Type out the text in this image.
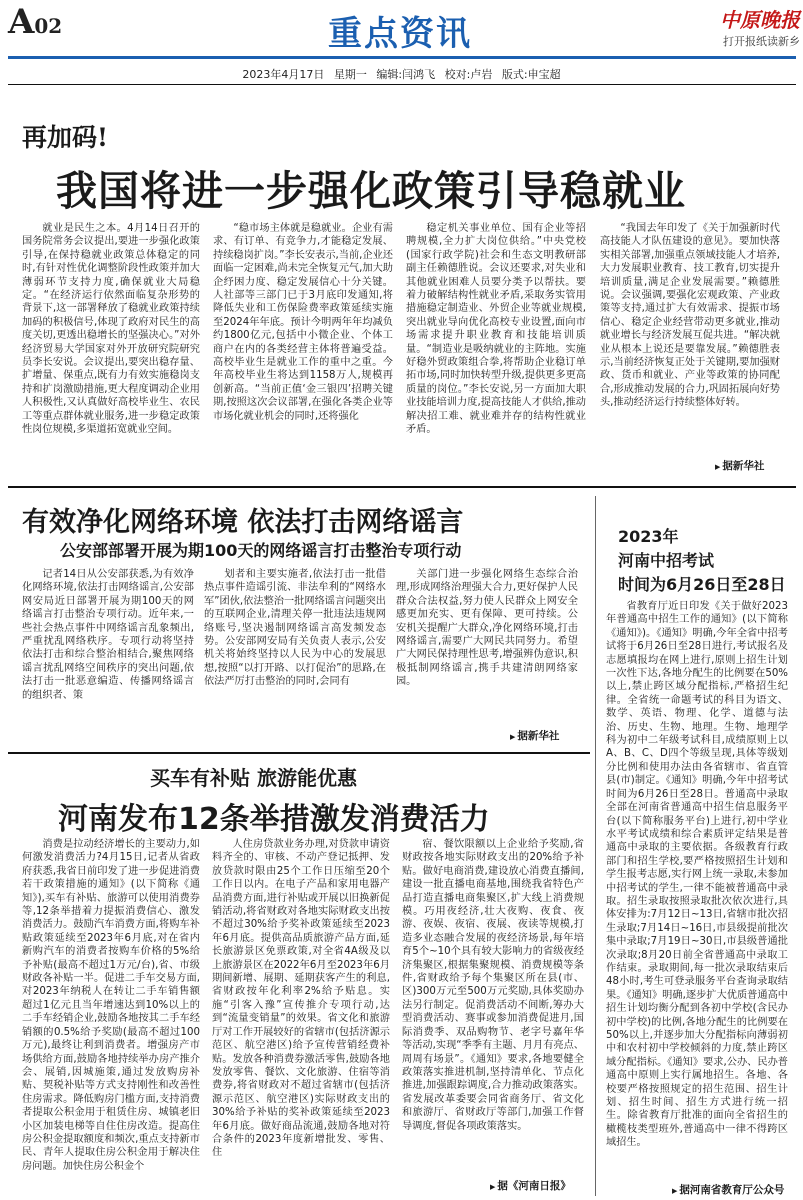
A02	重点资讯	中原晚报
打开报纸读新乡
2023年4月17日 星期一 编辑:闫鸿飞 校对:卢岩 版式:申宝超
再加码!
我国将进一步强化政策引导稳就业

就业是民生之本。4月14日召开的国务院常务会议提出,要进一步强化政策引导,在保持稳就业政策总体稳定的同时,有针对性优化调整阶段性政策并加大薄弱环节支持力度,确保就业大局稳定。“在经济运行依然面临复杂形势的背景下,这一部署释放了稳就业政策持续加码的积极信号,体现了政府对民生的高度关切,更透出稳增长的坚强决心。”对外经济贸易大学国家对外开放研究院研究员李长安说。会议提出,要突出稳存量、扩增量、保重点,既有力有效实施稳岗支持和扩岗激励措施,更大程度调动企业用人积极性,又认真做好高校毕业生、农民工等重点群体就业服务,进一步稳定政策性岗位规模,多渠道拓宽就业空间。

“稳市场主体就是稳就业。企业有需求、有订单、有竞争力,才能稳定发展、持续稳岗扩岗。”李长安表示,当前,企业还面临一定困难,尚未完全恢复元气,加大助企纾困力度、稳定发展信心十分关键。人社部等三部门已于3月底印发通知,将降低失业和工伤保险费率政策延续实施至2024年年底。预计今明两年年均减负约1800亿元,包括中小微企业、个体工商户在内的各类经营主体将普遍受益。高校毕业生是就业工作的重中之重。今年高校毕业生将达到1158万人,规模再创新高。“当前正值‘金三银四’招聘关键期,按照这次会议部署,在强化各类企业等市场化就业机会的同时,还将强化

稳定机关事业单位、国有企业等招聘规模,全力扩大岗位供给。”中央党校(国家行政学院)社会和生态文明教研部副主任赖德胜说。会议还要求,对失业和其他就业困难人员要分类予以帮扶。要着力破解结构性就业矛盾,采取务实管用措施稳定制造业、外贸企业等就业规模,突出就业导向优化高校专业设置,面向市场需求提升职业教育和技能培训质量。“制造业是吸纳就业的主阵地。实施好稳外贸政策组合拳,将帮助企业稳订单拓市场,同时加快转型升级,提供更多更高质量的岗位。”李长安说,另一方面加大职业技能培训力度,提高技能人才供给,推动解决招工难、就业难并存的结构性就业矛盾。

“我国去年印发了《关于加强新时代高技能人才队伍建设的意见》。要加快落实相关部署,加强重点领域技能人才培养,大力发展职业教育、技工教育,切实提升培训质量,满足企业发展需要。”赖德胜说。会议强调,要强化宏观政策、产业政策等支持,通过扩大有效需求、提振市场信心、稳定企业经营带动更多就业,推动就业增长与经济发展互促共进。“解决就业从根本上说还是要靠发展。”赖德胜表示,当前经济恢复正处于关键期,要加强财政、货币和就业、产业等政策的协同配合,形成推动发展的合力,巩固拓展向好势头,推动经济运行持续整体好转。

▶ 据新华社
有效净化网络环境 依法打击网络谣言
公安部部署开展为期100天的网络谣言打击整治专项行动

记者14日从公安部获悉,为有效净化网络环境,依法打击网络谣言,公安部网安局近日部署开展为期100天的网络谣言打击整治专项行动。近年来,一些社会热点事件中网络谣言乱象频出,严重扰乱网络秩序。专项行动将坚持依法打击和综合整治相结合,聚焦网络谣言扰乱网络空间秩序的突出问题,依法打击一批恶意编造、传播网络谣言的组织者、策

划者和主要实施者,依法打击一批借热点事件造谣引流、非法牟利的“网络水军”团伙,依法整治一批网络谣言问题突出的互联网企业,清理关停一批违法违规网络账号,坚决遏制网络谣言高发频发态势。公安部网安局有关负责人表示,公安机关将始终坚持以人民为中心的发展思想,按照“以打开路、以打促治”的思路,在依法严厉打击整治的同时,会同有

关部门进一步强化网络生态综合治理,形成网络治理强大合力,更好保护人民群众合法权益,努力使人民群众上网安全感更加充实、更有保障、更可持续。公安机关提醒广大群众,净化网络环境,打击网络谣言,需要广大网民共同努力。希望广大网民保持理性思考,增强辨伪意识,积极抵制网络谣言,携手共建清朗网络家园。

▶ 据新华社
买车有补贴 旅游能优惠
河南发布12条举措激发消费活力

消费是拉动经济增长的主要动力,如何激发消费活力?4月15日,记者从省政府获悉,我省日前印发了进一步促进消费若干政策措施的通知》(以下简称《通知》),买车有补贴、旅游可以使用消费券等,12条举措着力提振消费信心、激发消费活力。鼓励汽车消费方面,将购车补贴政策延续至2023年6月底,对在省内新购汽车的消费者按购车价格的5%给予补贴(最高不超过1万元/台),省、市级财政各补贴一半。促进二手车交易方面,对2023年纳税人在转让二手车销售额超过1亿元且当年增速达到10%以上的二手车经销企业,鼓励各地按其二手车经销额的0.5%给予奖励(最高不超过100万元),最终让利到消费者。增强房产市场供给方面,鼓励各地持续举办房产推介会、展销,因城施策,通过发放购房补贴、契税补贴等方式支持刚性和改善性住房需求。降低购房门槛方面,支持消费者提取公积金用于租赁住房、城镇老旧小区加装电梯等自住住房改造。提高住房公积金提取额度和频次,重点支持新市民、青年人提取住房公积金用于解决住房问题。加快住房公积金个

人住房贷款业务办理,对贷款申请资料齐全的、审核、不动产登记抵押、发放贷款时限由25个工作日压缩至20个工作日以内。在电子产品和家用电器产品消费方面,进行补贴或开展以旧换新促销活动,将省财政对各地实际财政支出按不超过30%给予奖补政策延续至2023年6月底。提供高品质旅游产品方面,延长旅游景区免票政策,对全省4A级及以上旅游景区在2022年6月至2023年6月期间新增、展期、延期获客产生的利息,省财政按年化利率2%给予贴息。实施“引客入豫”宣传推介专项行动,达到“流量变销量”的效果。省文化和旅游厅对工作开展较好的省辖市(包括济源示范区、航空港区)给予宣传营销经费补贴。发放各种消费券激活零售,鼓励各地发放零售、餐饮、文化旅游、住宿等消费券,将省财政对不超过省辖市(包括济源示范区、航空港区)实际财政支出的30%给予补贴的奖补政策延续至2023年6月底。做好商品流通,鼓励各地对符合条件的2023年度新增批发、零售、住

宿、餐饮限额以上企业给予奖励,省财政按各地实际财政支出的20%给予补贴。做好电商消费,建设放心消费直播间,建设一批直播电商基地,围绕我省特色产品打造直播电商集聚区,扩大线上消费规模。巧用夜经济,壮大夜购、夜食、夜游、夜娱、夜宿、夜展、夜读等规模,打造多业态融合发展的夜经济场景,每年培育5个~10个具有较大影响力的省级夜经济集聚区,根据集聚规模、消费规模等条件,省财政给予每个集聚区所在县(市、区)300万元至500万元奖励,具体奖励办法另行制定。促消费活动不间断,筹办大型消费活动、赛事或参加消费促进月,国际消费季、双品购物节、老字号嘉年华等活动,实现“季季有主题、月月有亮点、周周有场景”。《通知》要求,各地要健全政策落实推进机制,坚持清单化、节点化推进,加强跟踪调度,合力推动政策落实。省发展改革委要会同省商务厅、省文化和旅游厅、省财政厅等部门,加强工作督导调度,督促各项政策落实。

▶ 据《河南日报》
2023年
河南中招考试
时间为6月26日至28日

省教育厅近日印发《关于做好2023年普通高中招生工作的通知》(以下简称《通知》)。《通知》明确,今年全省中招考试将于6月26日至28日进行,考试报名及志愿填报均在网上进行,原则上招生计划一次性下达,各地分配生的比例要在50%以上,禁止跨区域分配指标,严格招生纪律。全省统一命题考试的科目为语文、数学、英语、物理、化学、道德与法治、历史、生物、地理。生物、地理学科为初中二年级考试科目,成绩原则上以A、B、C、D四个等级呈现,具体等级划分比例和使用办法由各省辖市、省直管县(市)制定。《通知》明确,今年中招考试时间为6月26日至28日。普通高中录取全部在河南省普通高中招生信息服务平台(以下简称服务平台)上进行,初中学业水平考试成绩和综合素质评定结果是普通高中录取的主要依据。各级教育行政部门和招生学校,要严格按照招生计划和学生报考志愿,实行网上统一录取,未参加中招考试的学生,一律不能被普通高中录取。招生录取按照录取批次依次进行,具体安排为:7月12日~13日,省辖市批次招生录取;7月14日~16日,市县级提前批次集中录取;7月19日~30日,市县级普通批次录取;8月20日前全省普通高中录取工作结束。录取期间,每一批次录取结束后48小时,考生可登录服务平台查询录取结果。《通知》明确,逐步扩大优质普通高中招生计划均衡分配到各初中学校(含民办初中学校)的比例,各地分配生的比例要在50%以上,并逐步加大分配指标向薄弱初中和农村初中学校倾斜的力度,禁止跨区域分配指标。《通知》要求,公办、民办普通高中原则上实行属地招生。各地、各校要严格按照规定的招生范围、招生计划、招生时间、招生方式进行统一招生。除省教育厅批准的面向全省招生的橄榄枝类型班外,普通高中一律不得跨区域招生。

▶ 据河南省教育厅公众号
